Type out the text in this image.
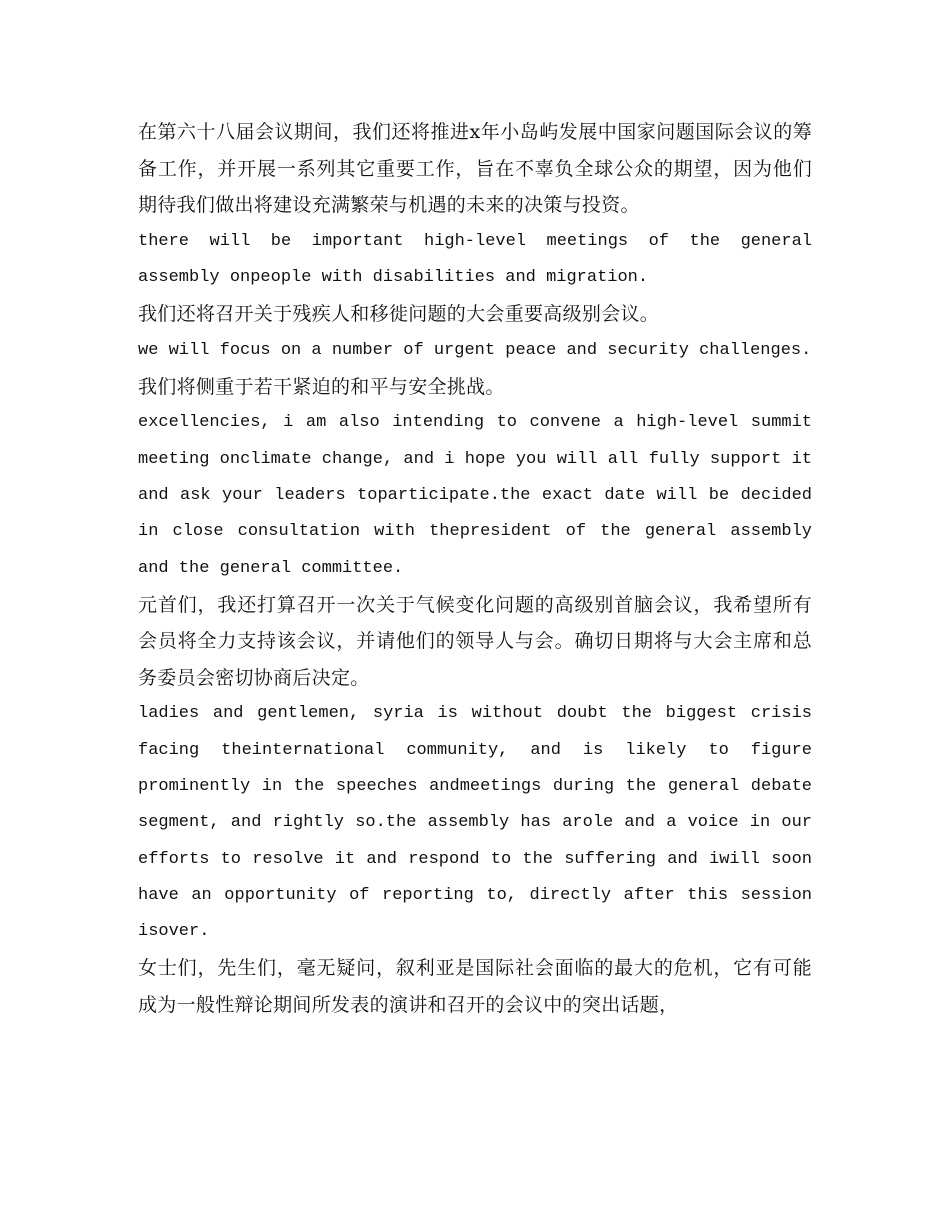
在第六十八届会议期间，我们还将推进x年小岛屿发展中国家问题国际会议的筹备工作，并开展一系列其它重要工作，旨在不辜负全球公众的期望，因为他们期待我们做出将建设充满繁荣与机遇的未来的决策与投资。

there will be important high-level meetings of the general assembly onpeople with disabilities and migration.

我们还将召开关于残疾人和移徙问题的大会重要高级别会议。

we will focus on a number of urgent peace and security challenges.

我们将侧重于若干紧迫的和平与安全挑战。

excellencies, i am also intending to convene a high-level summit meeting onclimate change, and i hope you will all fully support it and ask your leaders toparticipate.the exact date will be decided in close consultation with thepresident of the general assembly and the general committee.

元首们，我还打算召开一次关于气候变化问题的高级别首脑会议，我希望所有会员将全力支持该会议，并请他们的领导人与会。确切日期将与大会主席和总务委员会密切协商后决定。

ladies and gentlemen, syria is without doubt the biggest crisis facing theinternational community, and is likely to figure prominently in the speeches andmeetings during the general debate segment, and rightly so.the assembly has arole and a voice in our efforts to resolve it and respond to the suffering and iwill soon have an opportunity of reporting to, directly after this session isover.

女士们，先生们，毫无疑问，叙利亚是国际社会面临的最大的危机，它有可能成为一般性辩论期间所发表的演讲和召开的会议中的突出话题，
